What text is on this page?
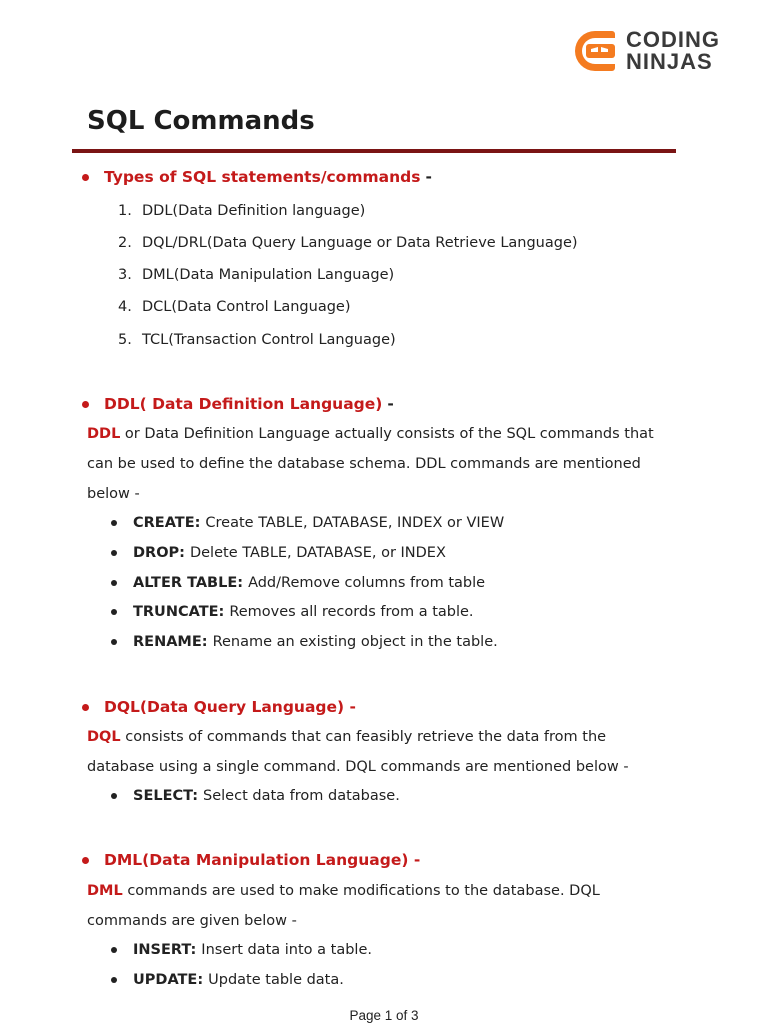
CODING
NINJAS
SQL Commands
Types of SQL statements/commands -
1. DDL(Data Definition language)
2. DQL/DRL(Data Query Language or Data Retrieve Language)
3. DML(Data Manipulation Language)
4. DCL(Data Control Language)
5. TCL(Transaction Control Language)
DDL( Data Definition Language) -
DDL or Data Definition Language actually consists of the SQL commands that
can be used to define the database schema. DDL commands are mentioned
below -
CREATE: Create TABLE, DATABASE, INDEX or VIEW
DROP: Delete TABLE, DATABASE, or INDEX
ALTER TABLE: Add/Remove columns from table
TRUNCATE: Removes all records from a table.
RENAME: Rename an existing object in the table.
DQL(Data Query Language) -
DQL consists of commands that can feasibly retrieve the data from the
database using a single command. DQL commands are mentioned below -
SELECT: Select data from database.
DML(Data Manipulation Language) -
DML commands are used to make modifications to the database. DQL
commands are given below -
INSERT: Insert data into a table.
UPDATE: Update table data.
Page 1 of 3
